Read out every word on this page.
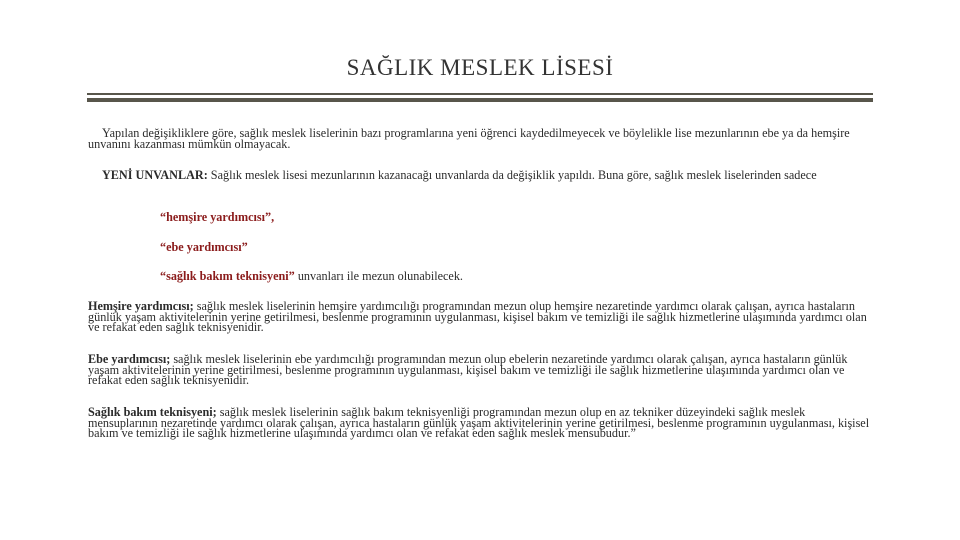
SAĞLIK MESLEK LİSESİ

Yapılan değişikliklere göre, sağlık meslek liselerinin bazı programlarına yeni öğrenci kaydedilmeyecek ve böylelikle lise mezunlarının ebe ya da hemşire unvanını kazanması mümkün olmayacak.

YENİ UNVANLAR: Sağlık meslek lisesi mezunlarının kazanacağı unvanlarda da değişiklik yapıldı. Buna göre, sağlık meslek liselerinden sadece

“hemşire yardımcısı”,
“ebe yardımcısı”
“sağlık bakım teknisyeni” unvanları ile mezun olunabilecek.

Hemşire yardımcısı; sağlık meslek liselerinin hemşire yardımcılığı programından mezun olup hemşire nezaretinde yardımcı olarak çalışan, ayrıca hastaların günlük yaşam aktivitelerinin yerine getirilmesi, beslenme programının uygulanması, kişisel bakım ve temizliği ile sağlık hizmetlerine ulaşımında yardımcı olan ve refakat eden sağlık teknisyenidir.

Ebe yardımcısı; sağlık meslek liselerinin ebe yardımcılığı programından mezun olup ebelerin nezaretinde yardımcı olarak çalışan, ayrıca hastaların günlük yaşam aktivitelerinin yerine getirilmesi, beslenme programının uygulanması, kişisel bakım ve temizliği ile sağlık hizmetlerine ulaşımında yardımcı olan ve refakat eden sağlık teknisyenidir.

Sağlık bakım teknisyeni; sağlık meslek liselerinin sağlık bakım teknisyenliği programından mezun olup en az tekniker düzeyindeki sağlık meslek mensuplarının nezaretinde yardımcı olarak çalışan, ayrıca hastaların günlük yaşam aktivitelerinin yerine getirilmesi, beslenme programının uygulanması, kişisel bakım ve temizliği ile sağlık hizmetlerine ulaşımında yardımcı olan ve refakat eden sağlık meslek mensubudur.”
